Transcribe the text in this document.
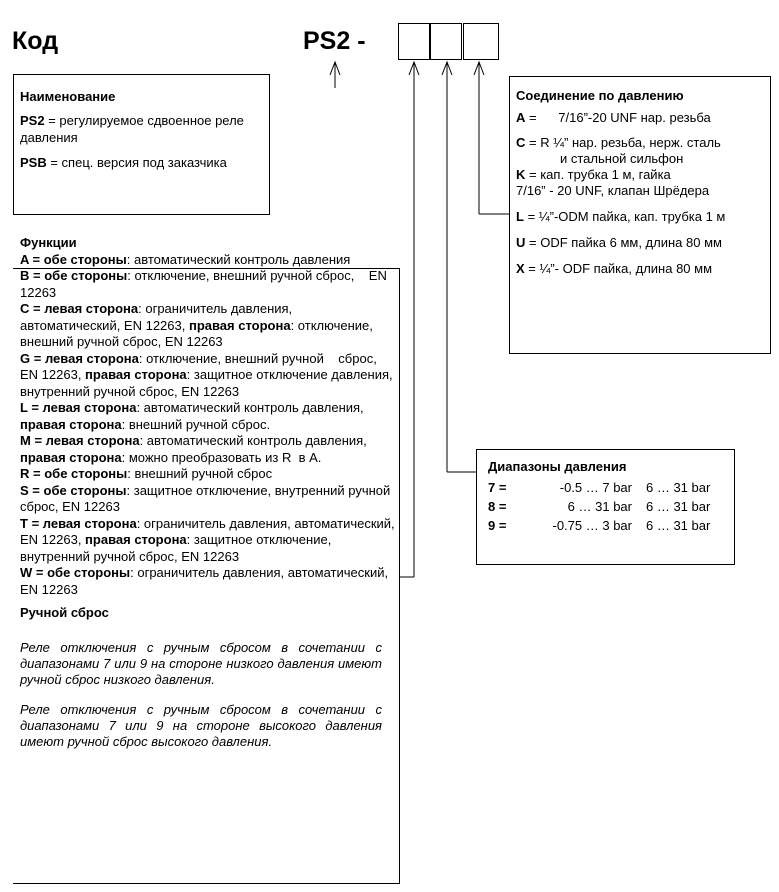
Код	PS2 -
Наименование
PS2 = регулируемое сдвоенное реле давления
PSB = спец. версия под заказчика
Соединение по давлению
A =      7/16”-20 UNF нар. резьба
C = R ¼” нар. резьба, нерж. сталь
и стальной сильфон
K = кап. трубка 1 м, гайка
7/16” - 20 UNF, клапан Шрёдера
L = ¼”-ODM пайка, кап. трубка 1 м
U = ODF пайка 6 мм, длина 80 мм
X = ¼”- ODF пайка, длина 80 мм
Диапазоны давления
7 =	-0.5 … 7 bar	6 … 31 bar
8 =	6 … 31 bar	6 … 31 bar
9 =	-0.75 … 3 bar	6 … 31 bar
Функции
A = обе стороны: автоматический контроль давления
B = обе стороны: отключение, внешний ручной сброс,    EN 12263
C = левая сторона: ограничитель давления, автоматический, EN 12263, правая сторона: отключение, внешний ручной сброс, EN 12263
G = левая сторона: отключение, внешний ручной    сброс, EN 12263, правая сторона: защитное отключение давления, внутренний ручной сброс, EN 12263
L = левая сторона: автоматический контроль давления, правая сторона: внешний ручной сброс.
M = левая сторона: автоматический контроль давления, правая сторона: можно преобразовать из R  в A.
R = обе стороны: внешний ручной сброс
S = обе стороны: защитное отключение, внутренний ручной сброс, EN 12263
T = левая сторона: ограничитель давления, автоматический, EN 12263, правая сторона: защитное отключение, внутренний ручной сброс, EN 12263
W = обе стороны: ограничитель давления, автоматический, EN 12263
Ручной сброс
Реле отключения с ручным сбросом в сочетании с диапазонами 7 или 9 на стороне низкого давления имеют ручной сброс низкого давления.
Реле отключения с ручным сбросом в сочетании с диапазонами 7 или 9 на стороне высокого давления имеют ручной сброс высокого давления.
